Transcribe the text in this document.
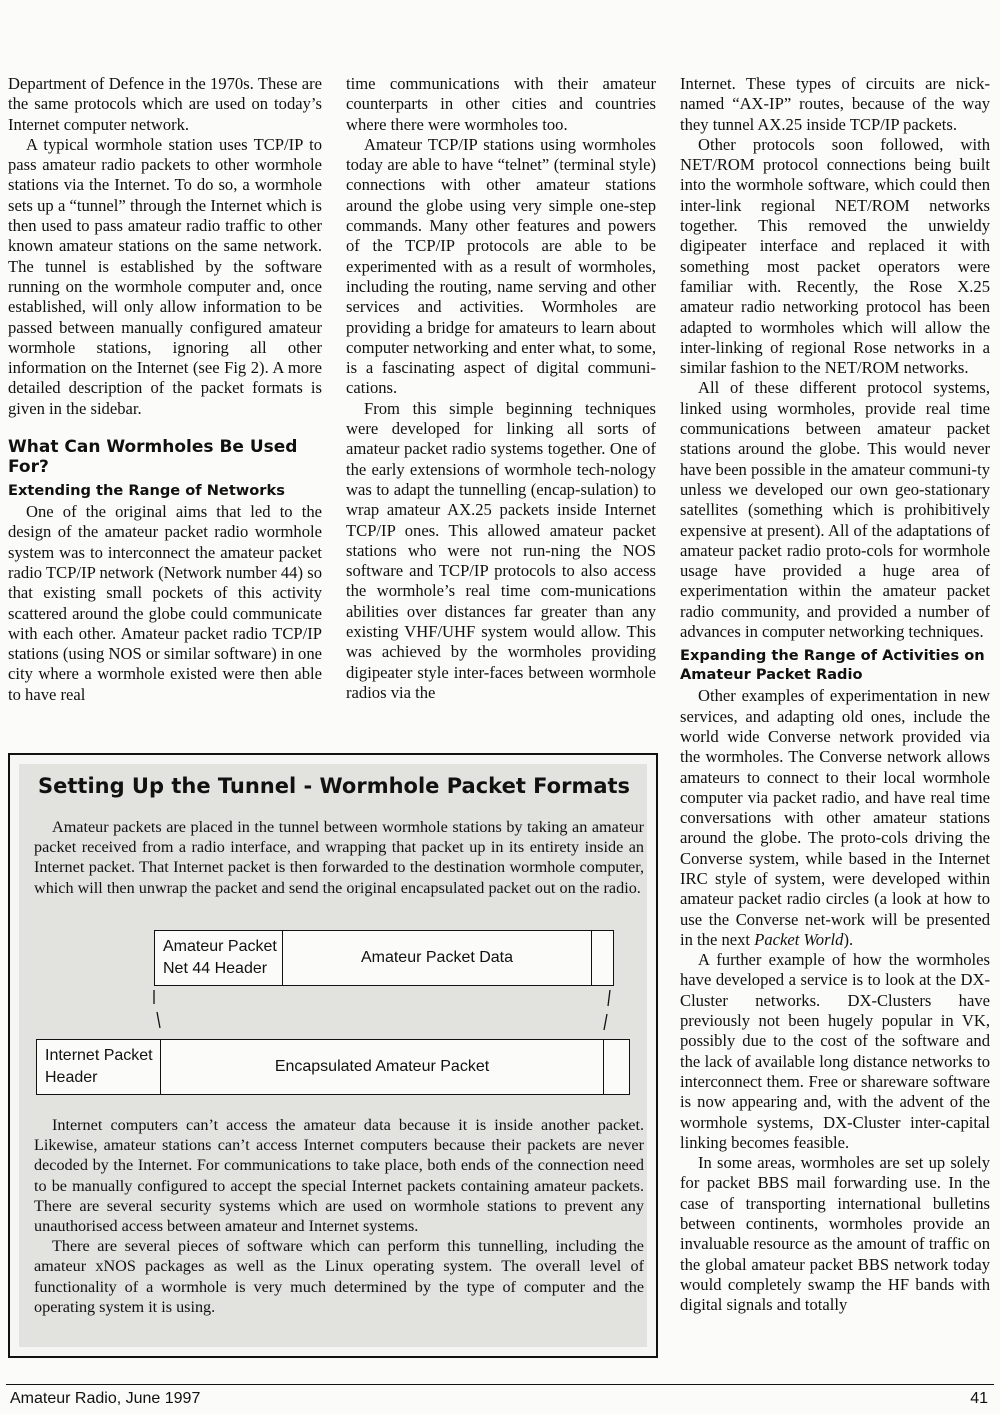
Department of Defence in the 1970s. These are the same protocols which are used on today’s Internet computer network.

A typical wormhole station uses TCP/IP to pass amateur radio packets to other wormhole stations via the Internet. To do so, a wormhole sets up a “tunnel” through the Internet which is then used to pass amateur radio traffic to other known amateur stations on the same network. The tunnel is established by the software running on the wormhole computer and, once established, will only allow information to be passed between manually configured amateur wormhole stations, ignoring all other information on the Internet (see Fig 2). A more detailed description of the packet formats is given in the sidebar.

What Can Wormholes Be Used For?
Extending the Range of Networks

One of the original aims that led to the design of the amateur packet radio wormhole system was to interconnect the amateur packet radio TCP/IP network (Network number 44) so that existing small pockets of this activity scattered around the globe could communicate with each other. Amateur packet radio TCP/IP stations (using NOS or similar software) in one city where a wormhole existed were then able to have real

time communications with their amateur counterparts in other cities and countries where there were wormholes too.

Amateur TCP/IP stations using wormholes today are able to have “telnet” (terminal style) connections with other amateur stations around the globe using very simple one-step commands. Many other features and powers of the TCP/IP protocols are able to be experimented with as a result of wormholes, including the routing, name serving and other services and activities. Wormholes are providing a bridge for amateurs to learn about computer networking and enter what, to some, is a fascinating aspect of digital communi-cations.

From this simple beginning techniques were developed for linking all sorts of amateur packet radio systems together. One of the early extensions of wormhole tech-nology was to adapt the tunnelling (encap-sulation) to wrap amateur AX.25 packets inside Internet TCP/IP ones. This allowed amateur packet stations who were not run-ning the NOS software and TCP/IP protocols to also access the wormhole’s real time com-munications abilities over distances far greater than any existing VHF/UHF system would allow. This was achieved by the wormholes providing digipeater style inter-faces between wormhole radios via the

Internet. These types of circuits are nick-named “AX-IP” routes, because of the way they tunnel AX.25 inside TCP/IP packets.

Other protocols soon followed, with NET/ROM protocol connections being built into the wormhole software, which could then inter-link regional NET/ROM networks together. This removed the unwieldy digipeater interface and replaced it with something most packet operators were familiar with. Recently, the Rose X.25 amateur radio networking protocol has been adapted to wormholes which will allow the inter-linking of regional Rose networks in a similar fashion to the NET/ROM networks.

All of these different protocol systems, linked using wormholes, provide real time communications between amateur packet stations around the globe. This would never have been possible in the amateur communi-ty unless we developed our own geo-stationary satellites (something which is prohibitively expensive at present). All of the adaptations of amateur packet radio proto-cols for wormhole usage have provided a huge area of experimentation within the amateur packet radio community, and provided a number of advances in computer networking techniques.

Expanding the Range of Activities on Amateur Packet Radio

Other examples of experimentation in new services, and adapting old ones, include the world wide Converse network provided via the wormholes. The Converse network allows amateurs to connect to their local wormhole computer via packet radio, and have real time conversations with other amateur stations around the globe. The proto-cols driving the Converse system, while based in the Internet IRC style of system, were developed within amateur packet radio circles (a look at how to use the Converse net-work will be presented in the next Packet World).

A further example of how the wormholes have developed a service is to look at the DX-Cluster networks. DX-Clusters have previously not been hugely popular in VK, possibly due to the cost of the software and the lack of available long distance networks to interconnect them. Free or shareware software is now appearing and, with the advent of the wormhole systems, DX-Cluster inter-capital linking becomes feasible.

In some areas, wormholes are set up solely for packet BBS mail forwarding use. In the case of transporting international bulletins between continents, wormholes provide an invaluable resource as the amount of traffic on the global amateur packet BBS network today would completely swamp the HF bands with digital signals and totally

Setting Up the Tunnel - Wormhole Packet Formats

Amateur packets are placed in the tunnel between wormhole stations by taking an amateur packet received from a radio interface, and wrapping that packet up in its entirety inside an Internet packet. That Internet packet is then forwarded to the destination wormhole computer, which will then unwrap the packet and send the original encapsulated packet out on the radio.

Amateur Packet
Net 44 Header
Amateur Packet Data
Internet Packet
Header
Encapsulated Amateur Packet

Internet computers can’t access the amateur data because it is inside another packet. Likewise, amateur stations can’t access Internet computers because their packets are never decoded by the Internet. For communications to take place, both ends of the connection need to be manually configured to accept the special Internet packets containing amateur packets. There are several security systems which are used on wormhole stations to prevent any unauthorised access between amateur and Internet systems.

There are several pieces of software which can perform this tunnelling, including the amateur xNOS packages as well as the Linux operating system. The overall level of functionality of a wormhole is very much determined by the type of computer and the operating system it is using.

Amateur Radio, June 1997	41
